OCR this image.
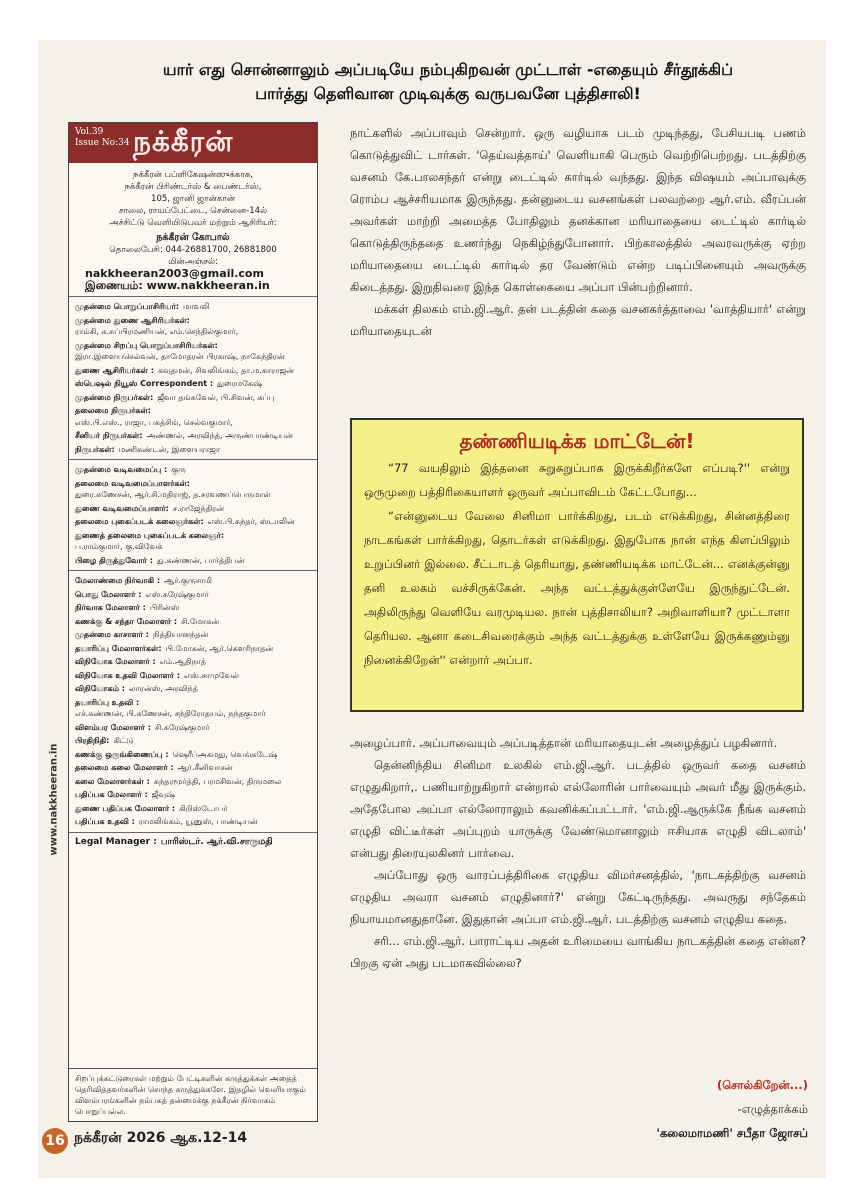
யார் எது சொன்னாலும் அப்படியே நம்புகிறவன் முட்டாள் -எதையும் சீர்தூக்கிப்
பார்த்து தெளிவான முடிவுக்கு வருபவனே புத்திசாலி!
Vol.39
Issue No:34 நக்கீரன்
நக்கீரன் பப்ளிகேஷன்ஸுக்காக,
நக்கீரன் பிரிண்டர்ஸ் & பைண்டர்ஸ்,
105, ஜானி ஜான்கான்
சாலை, ராயப்பேட்டை, சென்னை-14ல்
அச்சிட்டு வெளியிடுபவர் மற்றும் ஆசிரியர்:
நக்கீரன் கோபால்
தொலைபேசி: 044-26881700, 26881800
மின்அஞ்சல்:
nakkheeran2003@gmail.com
இணையம்: www.nakkheeran.in
முதன்மை பொறுப்பாசிரியர்: மாவலி
முதன்மை துணை ஆசிரியர்கள்:
ராம்கி, க.சுப்பிரமணியன், எம்.செந்தில்குமார்,
முதன்மை சிறப்பு பொறுப்பாசிரியர்கள்:
இரா.இளையசெல்வன், தாமோதரன் பிரகாஷ், நாகேந்திரன்
துணை ஆசிரியர்கள் : கவுதமன், சிவலிங்கம், தா.ம.காராஜன்
ஸ்பெஷல் நியூஸ் Correspondent : துரைமகேஷ்
முதன்மை நிருபர்கள்: ஜீவா தங்கவேல், பி.சிவன், சுப்பு
தலைமை நிருபர்கள்:
எஸ்.பி.எஸ்., ராஜா, பகத்சிங், செல்வகுமார்,
சீனியர் நிருபர்கள்: அண்ணல், அரவிந்த், அருண்பாண்டியன்
நிருபர்கள்: மணிகண்டன், இளையராஜா
முதன்மை வடிவமைப்பு : குரு
தலைமை வடிவமைப்பாளர்கள்:
துரை.கணேசன், ஆர்.சி.மதிராஜ், த.சரவணப்பெருமாள்
துணை வடிவமைப்பாளர்: ச.ராஜேந்திரன்
தலைமை புகைப்படக் கலைஞர்கள்: எஸ்.பி.சுந்தர், ஸ்டாலின்
துணைத் தலைமை புகைப்படக் கலைஞர்:
ப.ராம்குமார், கு.விவேக்
பிழை திருத்துவோர் : து.கண்ணன், பார்த்திபன்
மேலாண்மை நிர்வாகி : ஆர்.குருசாமி
பொது மேலாளர் : எஸ்.சுரேஷ்குமார்
நிர்வாக மேலாளர் : பிரின்ஸ்
கணக்கு & சந்தா மேலாளர் : சி.மோகன்
முதன்மை காசாளர் : நித்தியானந்தன்
தயாரிப்பு மேலாளர்கள்: பி.மோகன், ஆர்.கௌரிநாதன்
விநியோக மேலாளர் : எம்.ஆதிநாத்
விநியோக உதவி மேலாளர் : எஸ்.சாமுவேல்
விநியோகம் : லாரன்ஸ், அரவிந்த்
தயாரிப்பு உதவி :
எச்.கண்ணன், பி.கணேசன், சந்திரோதயம், நந்தகுமார்
விளம்பர மேலாளர் : சி.சுரேஷ்குமார்
பிரதிநிதி: கிட்டு
கணக்கு ஒருங்கிணைப்பு : ஷெரீப்அகமது, வெங்கடேஷ்
தலைமை கலை மேலாளர் : ஆர்.சீனிவாசன்
கலை மேலாளர்கள் : சுந்தரமூர்த்தி, பரமசிவன், திருமலை
பதிப்பக மேலாளர் : ஜீவுஷ்
துணை பதிப்பக மேலாளர் : கிறிஸ்டோபர்
பதிப்பக உதவி : ராமலிங்கம், யூனுஸ், பாண்டியன்
Legal Manager : பாரிஸ்டர். ஆர்.வி.சாருமதி
சிறப்புக்கட்டுரைகள் மற்றும் பேட்டிகளின் கருத்துக்கள் அதைத் தெரிவித்தவர்களின் சொந்த கருத்துக்களே. இதழில் வெளியாகும் விளம்பரங்களின் நம்பகத் தன்மைக்கு நக்கீரன் நிர்வாகம் பொறுப்பல்ல.
www.nakkheeran.in
நாட்களில் அப்பாவும் சென்றார். ஒரு வழியாக படம் முடிந்தது, பேசியபடி பணம் கொடுத்துவிட் டார்கள். 'தெய்வத்தாய்' வெளியாகி பெரும் வெற்றிபெற்றது. படத்திற்கு வசனம் கே.பாலசந்தர் என்று டைட்டில் கார்டில் வந்தது. இந்த விஷயம் அப்பாவுக்கு ரொம்ப ஆச்சரியமாக இருந்தது. தன்னுடைய வசனங்கள் பலவற்றை ஆர்.எம். வீரப்பன் அவர்கள் மாற்றி அமைத்த போதிலும் தனக்கான மரியாதையை டைட்டில் கார்டில் கொடுத்திருந்ததை உணர்ந்து நெகிழ்ந்துபோனார். பிற்காலத்தில் அவரவருக்கு ஏற்ற மரியாதையை டைட்டில் கார்டில் தர வேண்டும் என்ற படிப்பினையும் அவருக்கு கிடைத்தது. இறுதிவரை இந்த கொள்கையை அப்பா பின்பற்றினார்.
மக்கள் திலகம் எம்.ஜி.ஆர். தன் படத்தின் கதை வசனகர்த்தாவை 'வாத்தியார்' என்று மரியாதையுடன்
தண்ணியடிக்க மாட்டேன்!

“77 வயதிலும் இத்தனை சுறுசுறுப்பாக இருக்கிறீர்களே எப்படி?'' என்று ஒருமுறை பத்திரிகையாளர் ஒருவர் அப்பாவிடம் கேட்டபோது...

“என்னுடைய வேலை சினிமா பார்க்கிறது, படம் எடுக்கிறது, சின்னத்திரை நாடகங்கள் பார்க்கிறது, தொடர்கள் எடுக்கிறது. இதுபோக நான் எந்த கிளப்பிலும் உறுப்பினர் இல்லை. சீட்டாடத் தெரியாது, தண்ணியடிக்க மாட்டேன்... எனக்குன்னு தனி உலகம் வச்சிருக்கேன். அந்த வட்டத்துக்குள்ளேயே இருந்துட்டேன். அதிலிருந்து வெளியே வரமுடியல. நான் புத்திசாலியா? அறிவாளியா? முட்டாளா தெரியல. ஆனா கடைசிவரைக்கும் அந்த வட்டத்துக்கு உள்ளேயே இருக்கணும்னு நினைக்கிறேன்'' என்றார் அப்பா.

அழைப்பார். அப்பாவையும் அப்படித்தான் மரியாதையுடன் அழைத்துப் பழகினார்.
தென்னிந்திய சினிமா உலகில் எம்.ஜி.ஆர். படத்தில் ஒருவர் கதை வசனம் எழுதுகிறார்,. பணியாற்றுகிறார் என்றால் எல்லோரின் பார்வையும் அவர் மீது இருக்கும். அதேபோல அப்பா எல்லோராலும் கவனிக்கப்பட்டார். 'எம்.ஜி.ஆருக்கே நீங்க வசனம் எழுதி விட்டீர்கள் அப்புறம் யாருக்கு வேண்டுமானாலும் ஈசியாக எழுதி விடலாம்' என்பது திரையுலகினர் பார்வை.
அப்போது ஒரு வாரப்பத்திரிகை எழுதிய விமர்சனத்தில், 'நாடகத்திற்கு வசனம் எழுதிய அவரா வசனம் எழுதினார்?' என்று கேட்டிருந்தது. அவருது சந்தேகம் நியாயமானதுதானே. இதுதான் அப்பா எம்.ஜி.ஆர். படத்திற்கு வசனம் எழுதிய கதை.
சரி... எம்.ஜி.ஆர். பாராட்டிய அதன் உரிமையை வாங்கிய நாடகத்தின் கதை என்ன? பிறகு ஏன் அது படமாகவில்லை?
(சொல்கிறேன்...)
-எழுத்தாக்கம்
'கலைமாமணி' சபீதா ஜோசப்
16 நக்கீரன் 2026 ஆக.12-14
